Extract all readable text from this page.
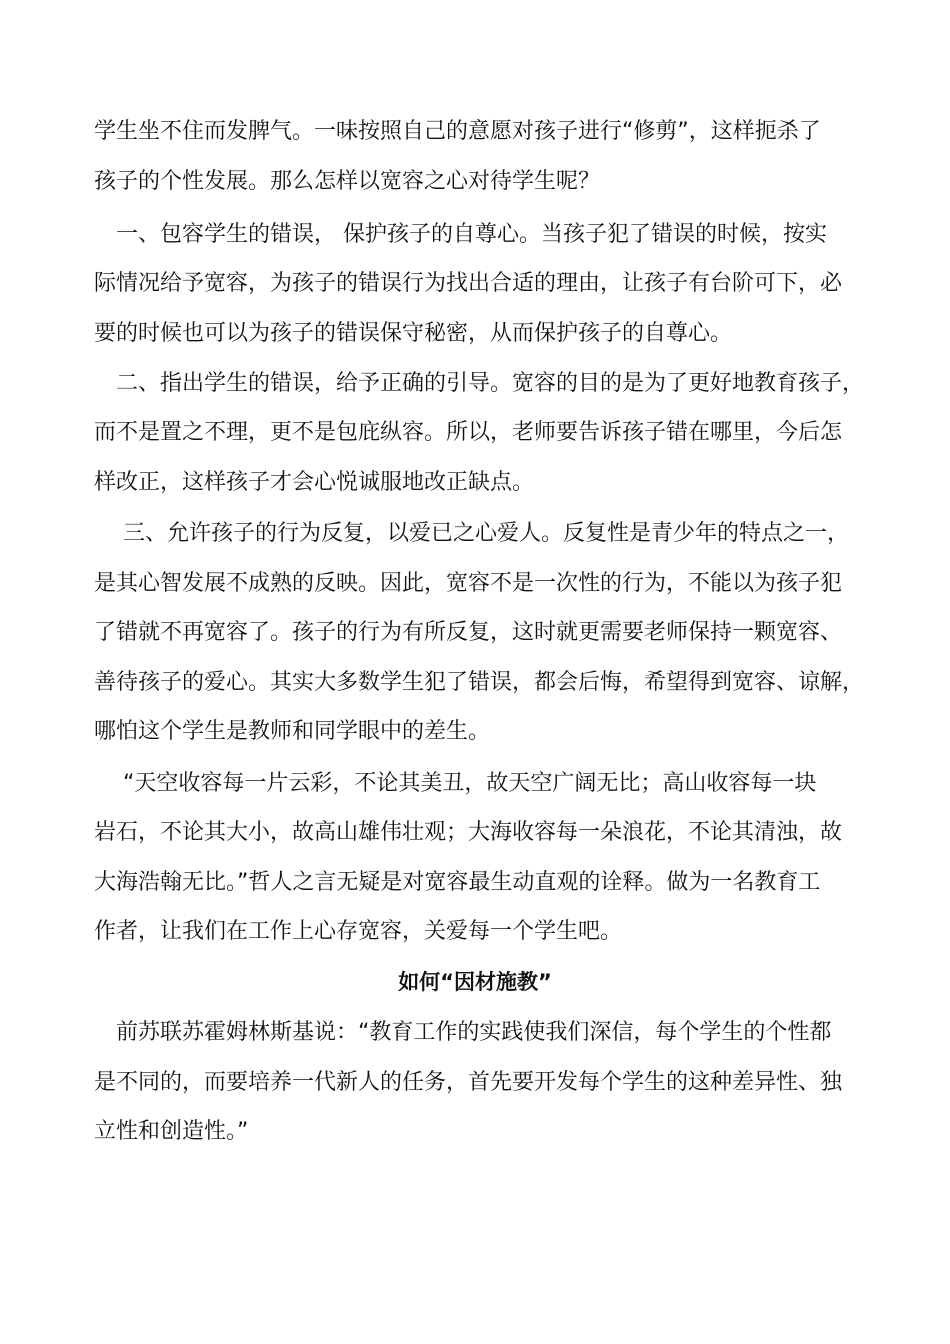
学生坐不住而发脾气。一味按照自己的意愿对孩子进行“修剪”，这样扼杀了
孩子的个性发展。那么怎样以宽容之心对待学生呢？
　一、包容学生的错误， 保护孩子的自尊心。当孩子犯了错误的时候，按实
际情况给予宽容，为孩子的错误行为找出合适的理由，让孩子有台阶可下，必
要的时候也可以为孩子的错误保守秘密，从而保护孩子的自尊心。
　二、指出学生的错误，给予正确的引导。宽容的目的是为了更好地教育孩子，
而不是置之不理，更不是包庇纵容。所以，老师要告诉孩子错在哪里，今后怎
样改正，这样孩子才会心悦诚服地改正缺点。
　 三、允许孩子的行为反复，以爱已之心爱人。反复性是青少年的特点之一，
是其心智发展不成熟的反映。因此，宽容不是一次性的行为，不能以为孩子犯
了错就不再宽容了。孩子的行为有所反复，这时就更需要老师保持一颗宽容、
善待孩子的爱心。其实大多数学生犯了错误，都会后悔，希望得到宽容、谅解，
哪怕这个学生是教师和同学眼中的差生。
　 “天空收容每一片云彩，不论其美丑，故天空广阔无比；高山收容每一块
岩石，不论其大小，故高山雄伟壮观；大海收容每一朵浪花，不论其清浊，故
大海浩翰无比。”哲人之言无疑是对宽容最生动直观的诠释。做为一名教育工
作者，让我们在工作上心存宽容，关爱每一个学生吧。
如何“因材施教”
　前苏联苏霍姆林斯基说：“教育工作的实践使我们深信，每个学生的个性都
是不同的，而要培养一代新人的任务，首先要开发每个学生的这种差异性、独
立性和创造性。”
